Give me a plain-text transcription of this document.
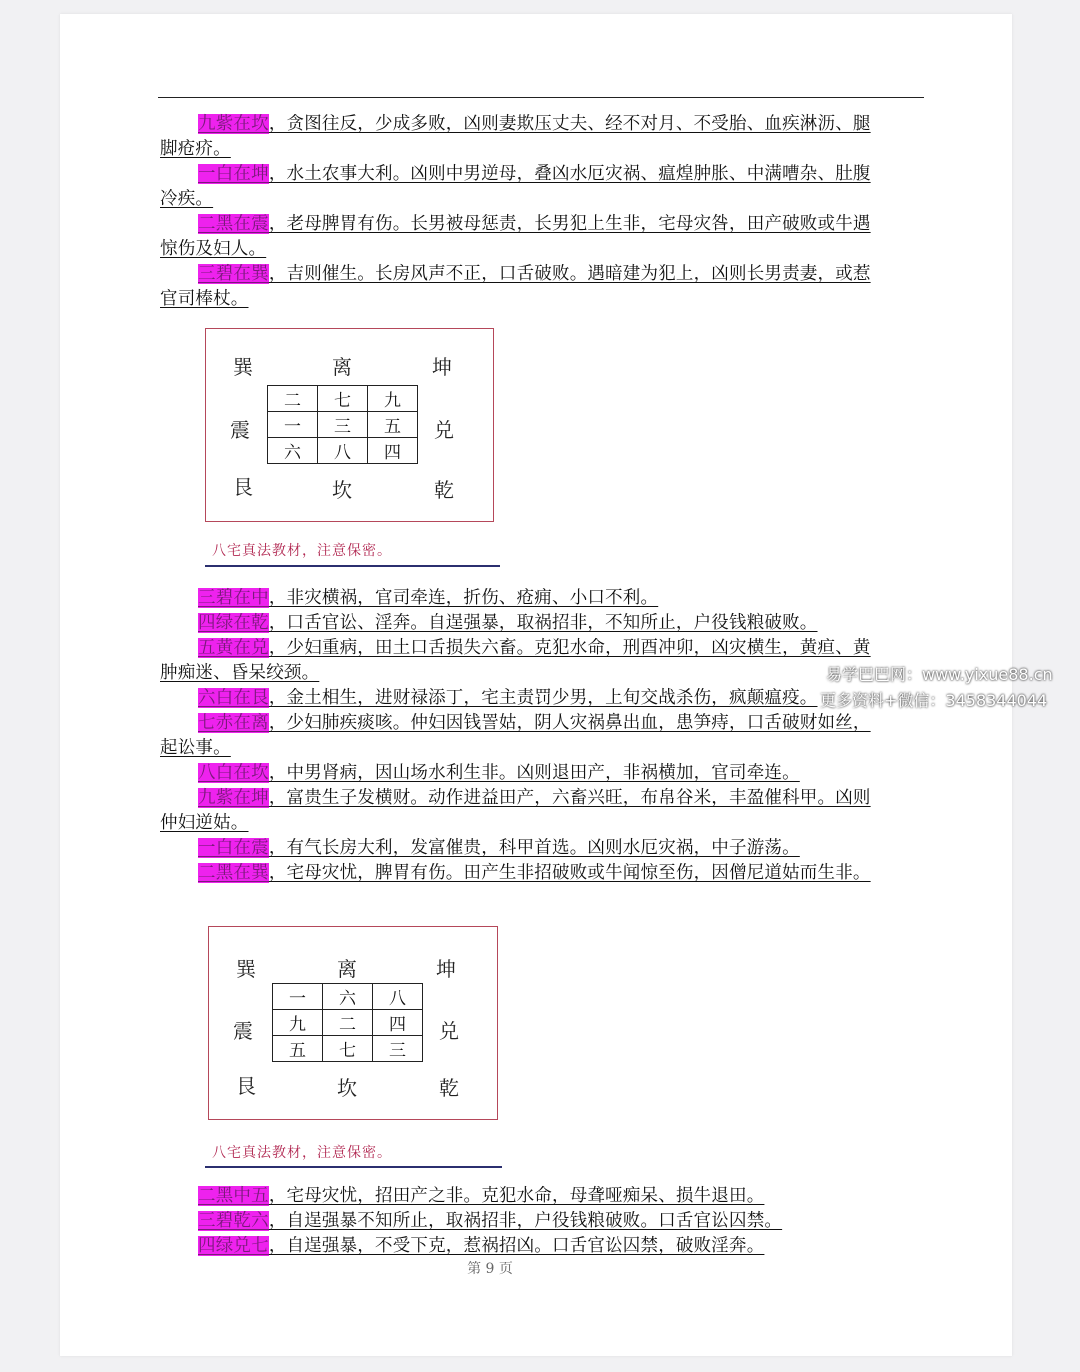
九紫在坎，贪图往反，少成多败，凶则妻欺压丈夫、经不对月、不受胎、血疾淋沥、腿
脚疮疥。
一白在坤，水土农事大利。凶则中男逆母，叠凶水厄灾祸、瘟煌肿胀、中满嘈杂、肚腹
冷疾。
二黑在震，老母脾胃有伤。长男被母惩责，长男犯上生非，宅母灾咎，田产破败或牛遇
惊伤及妇人。
三碧在巽，吉则催生。长房风声不正，口舌破败。遇暗建为犯上，凶则长男责妻，或惹
官司棒杖。
巽	离	坤
震	兑
艮	坎	乾
二	七	九
一	三	五
六	八	四
八宅真法教材，注意保密。
三碧在中，非灾横祸，官司牵连，折伤、疮痈、小口不利。
四绿在乾，口舌官讼、淫奔。自逞强暴，取祸招非，不知所止，户役钱粮破败。
五黄在兑，少妇重病，田土口舌损失六畜。克犯水命，刑酉冲卯，凶灾横生，黄疸、黄
肿痴迷、昏呆绞颈。
六白在艮，金土相生，进财禄添丁，宅主责罚少男，上旬交战杀伤，疯颠瘟疫。
七赤在离，少妇肺疾痰咳。仲妇因钱詈姑，阴人灾祸鼻出血，患笋痔，口舌破财如丝，
起讼事。
八白在坎，中男肾病，因山场水利生非。凶则退田产，非祸横加，官司牵连。
九紫在坤，富贵生子发横财。动作进益田产，六畜兴旺，布帛谷米，丰盈催科甲。凶则
仲妇逆姑。
一白在震，有气长房大利，发富催贵，科甲首选。凶则水厄灾祸，中子游荡。
二黑在巽，宅母灾忧，脾胃有伤。田产生非招破败或牛闻惊至伤，因僧尼道姑而生非。
易学巴巴网：www.yixue88.cn
更多资料+微信：3458344044
巽	离	坤
震	兑
艮	坎	乾
一	六	八
九	二	四
五	七	三
八宅真法教材，注意保密。
二黑中五，宅母灾忧，招田产之非。克犯水命，母聋哑痴呆、损牛退田。
三碧乾六，自逞强暴不知所止，取祸招非，户役钱粮破败。口舌官讼囚禁。
四绿兑七，自逞强暴，不受下克，惹祸招凶。口舌官讼囚禁，破败淫奔。
第 9 页
